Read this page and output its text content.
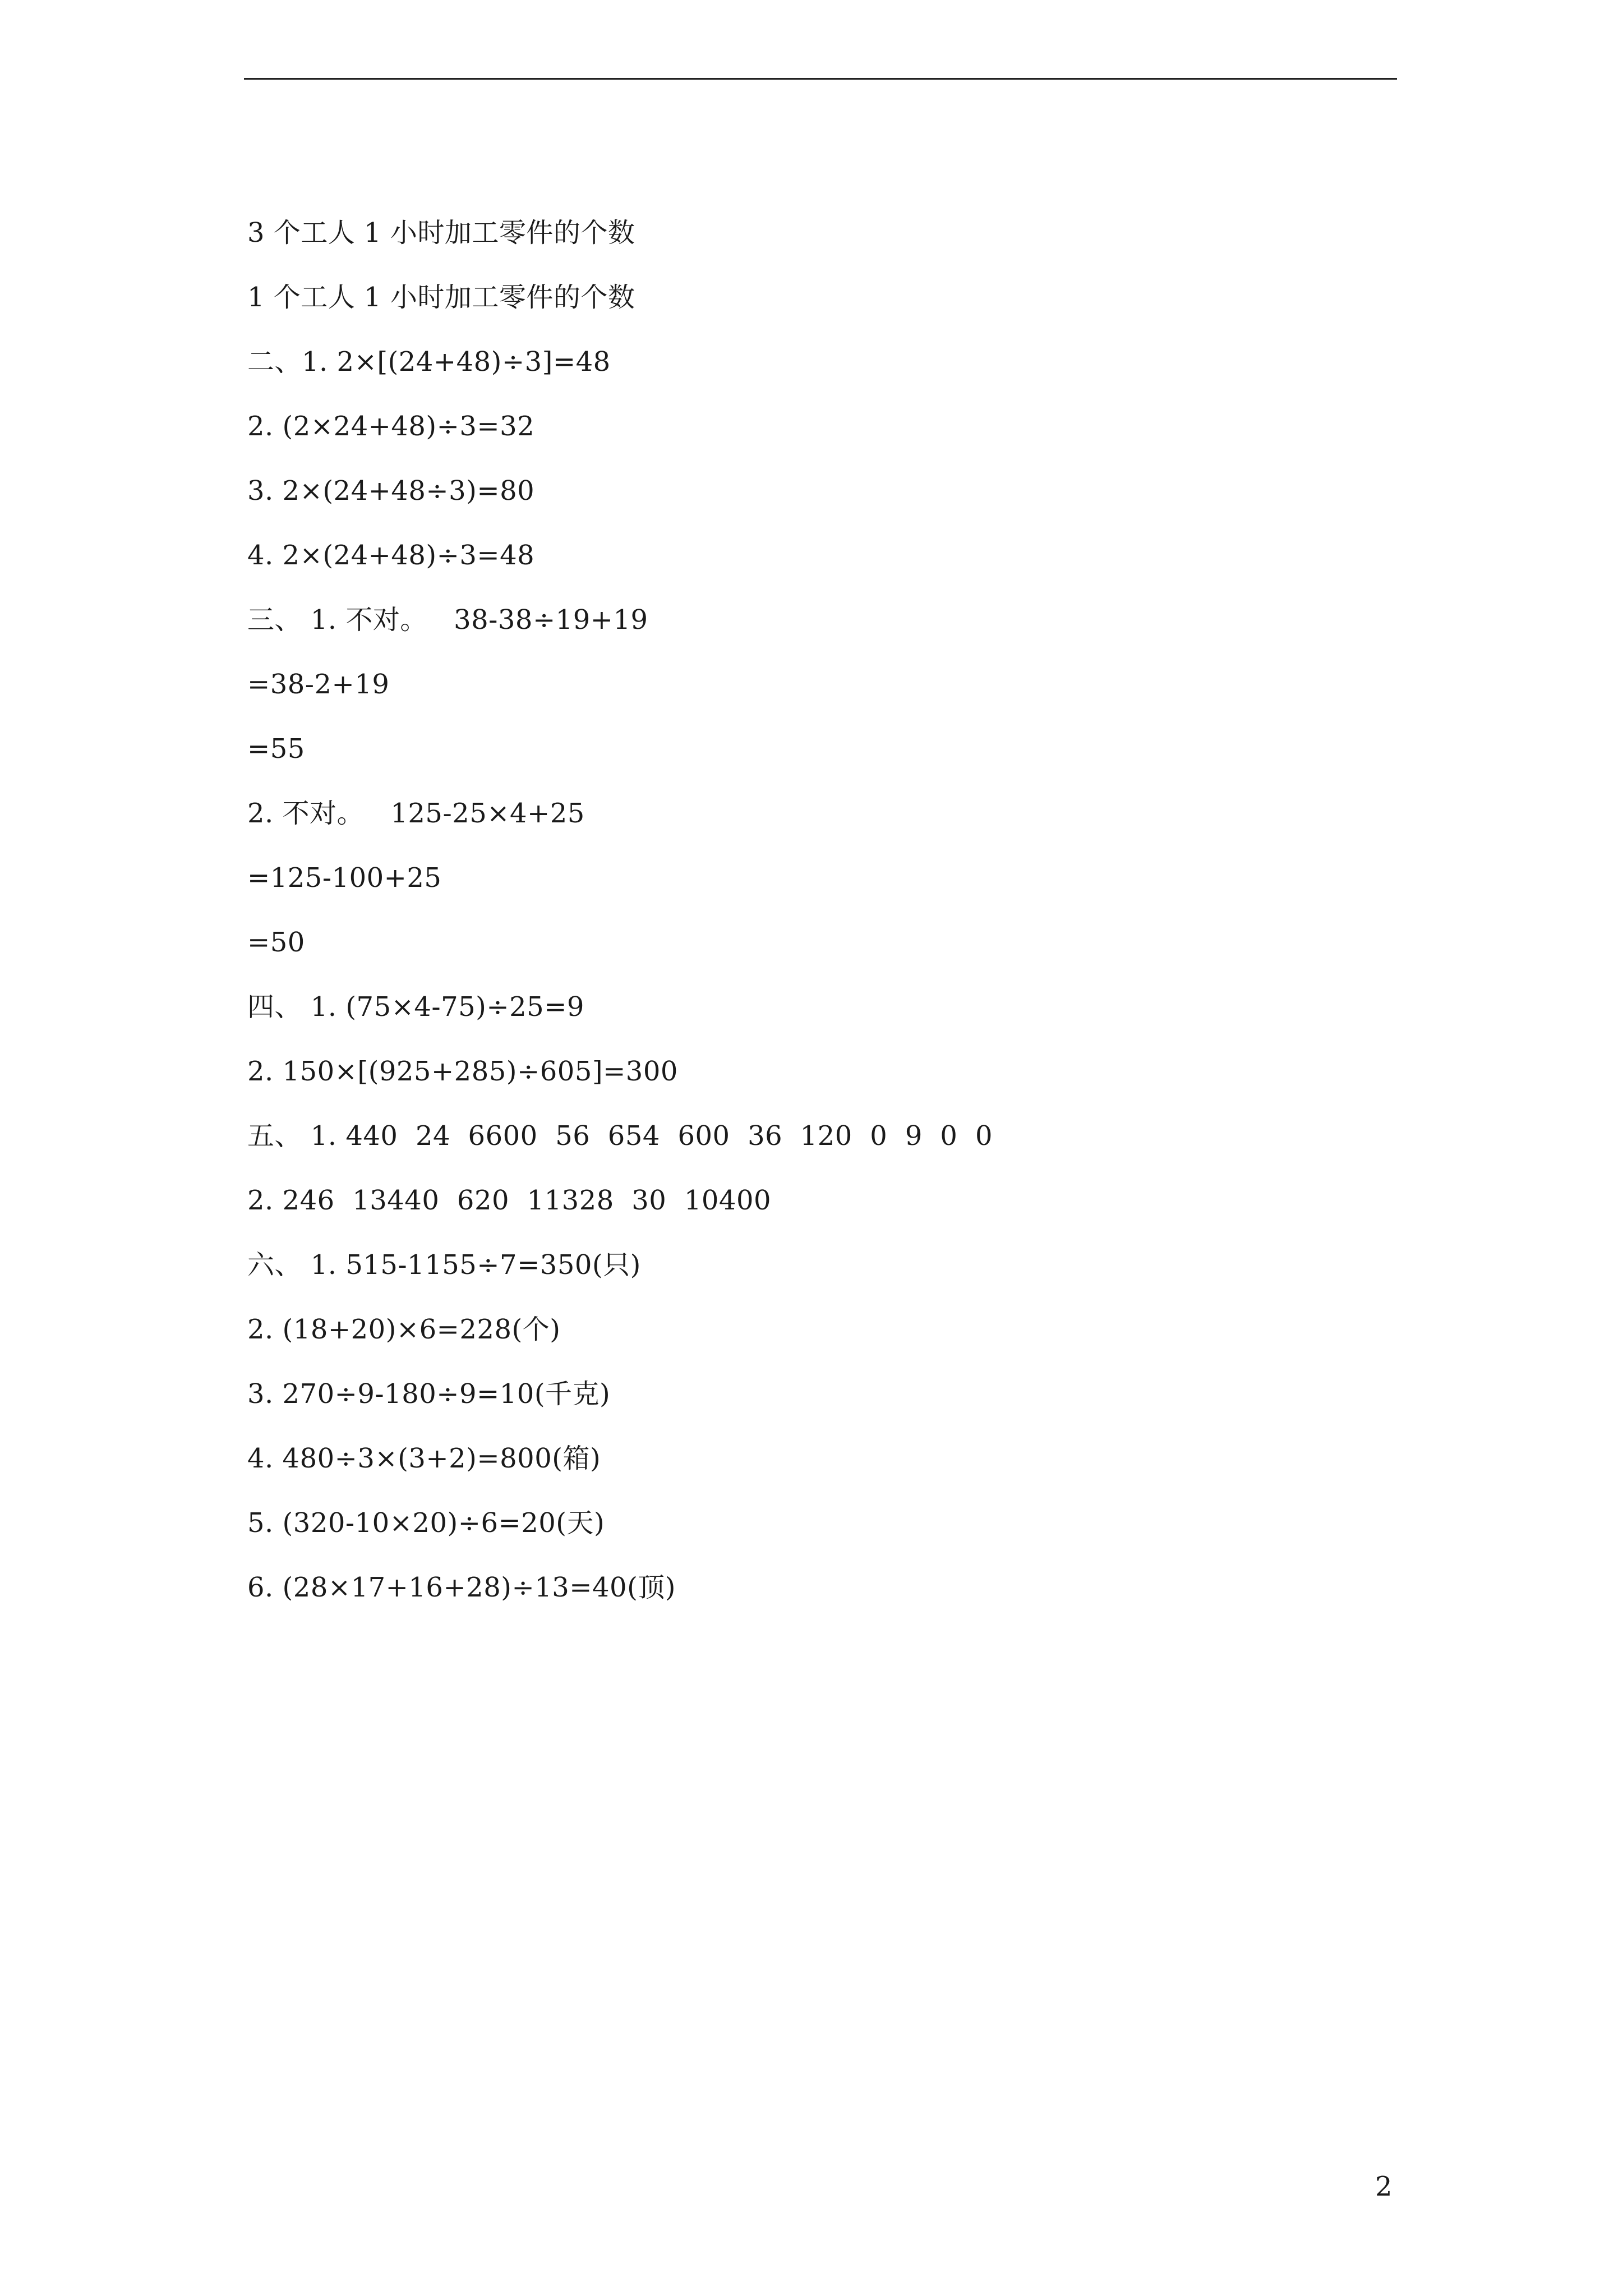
3 个工人 1 小时加工零件的个数
1 个工人 1 小时加工零件的个数
二、1. 2×[(24+48)÷3]=48
2. (2×24+48)÷3=32
3. 2×(24+48÷3)=80
4. 2×(24+48)÷3=48
三、 1. 不对。   38-38÷19+19
=38-2+19
=55
2. 不对。   125-25×4+25
=125-100+25
=50
四、 1. (75×4-75)÷25=9
2. 150×[(925+285)÷605]=300
五、 1. 440  24  6600  56  654  600  36  120  0  9  0  0
2. 246  13440  620  11328  30  10400
六、 1. 515-1155÷7=350(只)
2. (18+20)×6=228(个)
3. 270÷9-180÷9=10(千克)
4. 480÷3×(3+2)=800(箱)
5. (320-10×20)÷6=20(天)
6. (28×17+16+28)÷13=40(顶)
2
